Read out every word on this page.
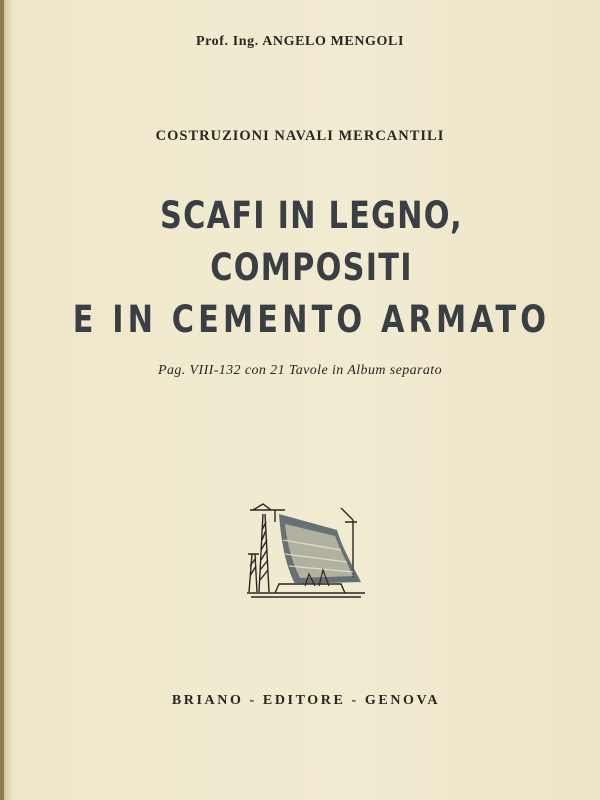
Prof. Ing. ANGELO MENGOLI
COSTRUZIONI NAVALI MERCANTILI
SCAFI IN LEGNO, COMPOSITI
E IN CEMENTO ARMATO
Pag. VIII-132 con 21 Tavole in Album separato
BRIANO - EDITORE - GENOVA
